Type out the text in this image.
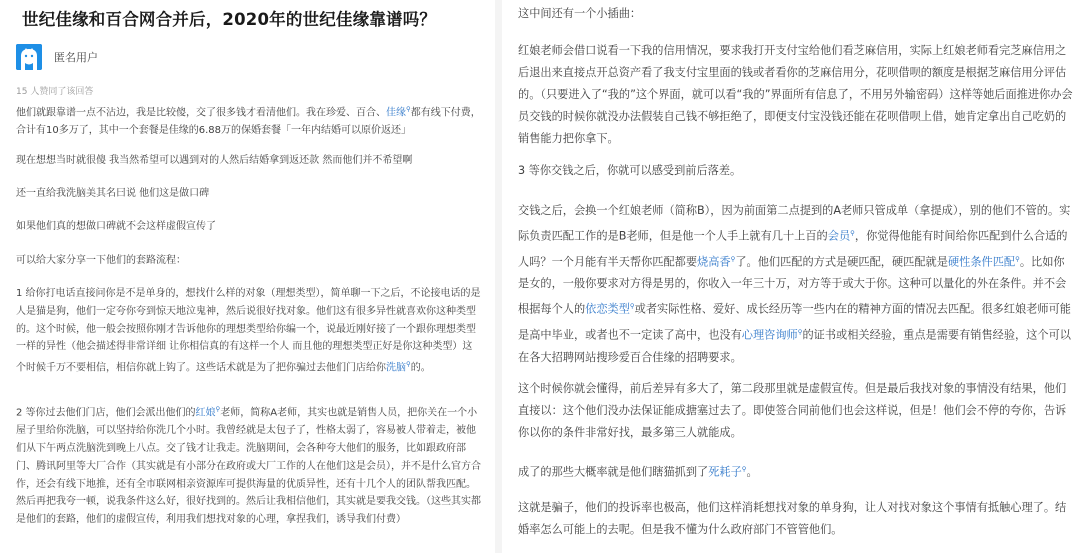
世纪佳缘和百合网合并后，2020年的世纪佳缘靠谱吗？
匿名用户
15 人赞同了该回答
他们就跟靠谱一点不沾边，我是比较傻，交了很多钱才看清他们。我在珍爱、百合、佳缘⚲都有线下付费，合计有10多万了，其中一个套餐是佳缘的6.88万的保婚套餐「一年内结婚可以原价返还」
现在想想当时就很傻 我当然希望可以遇到对的人然后结婚拿到返还款 然而他们并不希望啊
还一直给我洗脑美其名曰说 他们这是做口碑
如果他们真的想做口碑就不会这样虚假宣传了
可以给大家分享一下他们的套路流程：
1 给你打电话直接问你是不是单身的，想找什么样的对象（理想类型），简单聊一下之后，不论接电话的是人是猫是狗，他们一定夸你夸到惊天地泣鬼神，然后说很好找对象。他们这有很多异性就喜欢你这种类型的。这个时候，他一般会按照你刚才告诉他你的理想类型给你编一个，说最近刚好接了一个跟你理想类型一样的异性（他会描述得非常详细 让你相信真的有这样一个人 而且他的理想类型正好是你这种类型）这个时候千万不要相信，相信你就上钩了。这些话术就是为了把你骗过去他们门店给你洗脑⚲的。
2 等你过去他们门店，他们会派出他们的红娘⚲老师，简称A老师，其实也就是销售人员，把你关在一个小屋子里给你洗脑，可以坚持给你洗几个小时。我曾经就是太包子了，性格太弱了，容易被人带着走，被他们从下午两点洗脑洗到晚上八点。交了钱才让我走。洗脑期间，会各种夸大他们的服务，比如跟政府部门、腾讯阿里等大厂合作（其实就是有小部分在政府或大厂工作的人在他们这是会员），并不是什么官方合作，还会有线下地推，还有全市联网相亲资源库可提供海量的优质异性，还有十几个人的团队帮我匹配。然后再把我夸一顿，说我条件这么好，很好找到的。然后让我相信他们，其实就是要我交钱。（这些其实都是他们的套路，他们的虚假宣传，利用我们想找对象的心理，拿捏我们，诱导我们付费）
这中间还有一个小插曲：
红娘老师会借口说看一下我的信用情况，要求我打开支付宝给他们看芝麻信用，实际上红娘老师看完芝麻信用之后退出来直接点开总资产看了我支付宝里面的钱或者看你的芝麻信用分，花呗借呗的额度是根据芝麻信用分评估的。（只要进入了“我的”这个界面，就可以看“我的”界面所有信息了，不用另外输密码）这样等她后面推进你办会员交钱的时候你就没办法假装自己钱不够拒绝了，即便支付宝没钱还能在花呗借呗上借，她肯定拿出自己吃奶的销售能力把你拿下。
3 等你交钱之后，你就可以感受到前后落差。
交钱之后，会换一个红娘老师（简称B），因为前面第二点提到的A老师只管成单（拿提成），别的他们不管的。实际负责匹配工作的是B老师，但是他一个人手上就有几十上百的会员⚲，你觉得他能有时间给你匹配到什么合适的人吗？一个月能有半天帮你匹配都要烧高香⚲了。他们匹配的方式是硬匹配，硬匹配就是硬性条件匹配⚲。比如你是女的，一般你要求对方得是男的，你收入一年三十万，对方等于或大于你。这种可以量化的外在条件。并不会根据每个人的依恋类型⚲或者实际性格、爱好、成长经历等一些内在的精神方面的情况去匹配。很多红娘老师可能是高中毕业，或者也不一定读了高中，也没有心理咨询师⚲的证书或相关经验，重点是需要有销售经验，这个可以在各大招聘网站搜珍爱百合佳缘的招聘要求。
这个时候你就会懂得，前后差异有多大了，第二段那里就是虚假宣传。但是最后我找对象的事情没有结果，他们直接以：这个他们没办法保证能成搪塞过去了。即使签合同前他们也会这样说，但是！他们会不停的夸你，告诉你以你的条件非常好找，最多第三人就能成。
成了的那些大概率就是他们瞎猫抓到了死耗子⚲。
这就是骗子，他们的投诉率也极高，他们这样消耗想找对象的单身狗，让人对找对象这个事情有抵触心理了。结婚率怎么可能上的去呢。但是我不懂为什么政府部门不管管他们。
